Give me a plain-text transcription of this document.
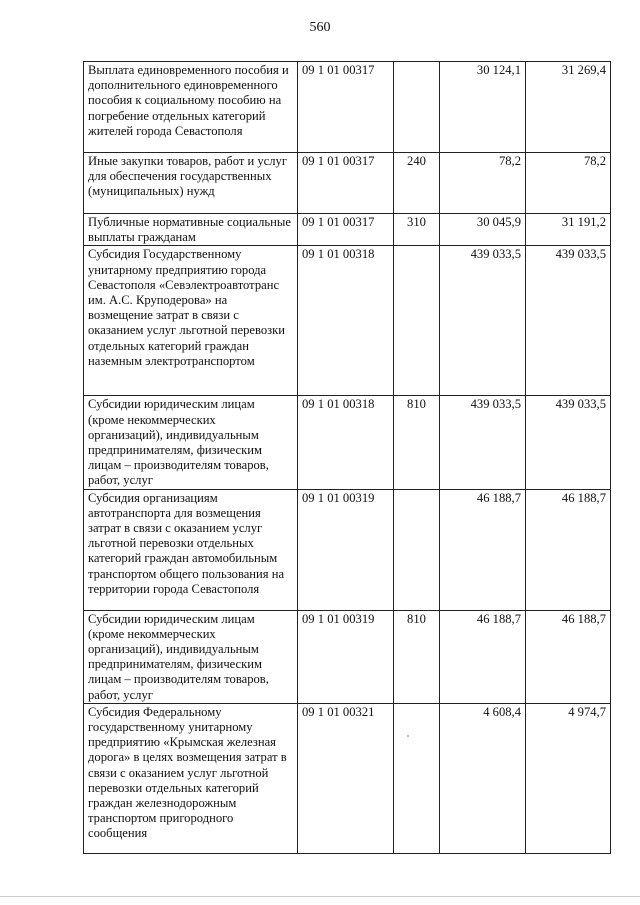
560
Выплата единовременного пособия и дополнительного единовременного пособия к социальному пособию на погребение отдельных категорий жителей города Севастополя	09 1 01 00317		30 124,1	31 269,4
Иные закупки товаров, работ и услуг для обеспечения государственных (муниципальных) нужд	09 1 01 00317	240	78,2	78,2
Публичные нормативные социальные выплаты гражданам	09 1 01 00317	310	30 045,9	31 191,2
Субсидия Государственному унитарному предприятию города Севастополя «Севэлектроавтотранс им. А.С. Круподерова» на возмещение затрат в связи с оказанием услуг льготной перевозки отдельных категорий граждан наземным электротранспортом	09 1 01 00318		439 033,5	439 033,5
Субсидии юридическим лицам (кроме некоммерческих организаций), индивидуальным предпринимателям, физическим лицам – производителям товаров, работ, услуг	09 1 01 00318	810	439 033,5	439 033,5
Субсидия организациям автотранспорта для возмещения затрат в связи с оказанием услуг льготной перевозки отдельных категорий граждан автомобильным транспортом общего пользования на территории города Севастополя	09 1 01 00319		46 188,7	46 188,7
Субсидии юридическим лицам (кроме некоммерческих организаций), индивидуальным предпринимателям, физическим лицам – производителям товаров, работ, услуг	09 1 01 00319	810	46 188,7	46 188,7
Субсидия Федеральному государственному унитарному предприятию «Крымская железная дорога» в целях возмещения затрат в связи с оказанием услуг льготной перевозки отдельных категорий граждан железнодорожным транспортом пригородного сообщения	09 1 01 00321		4 608,4	4 974,7
